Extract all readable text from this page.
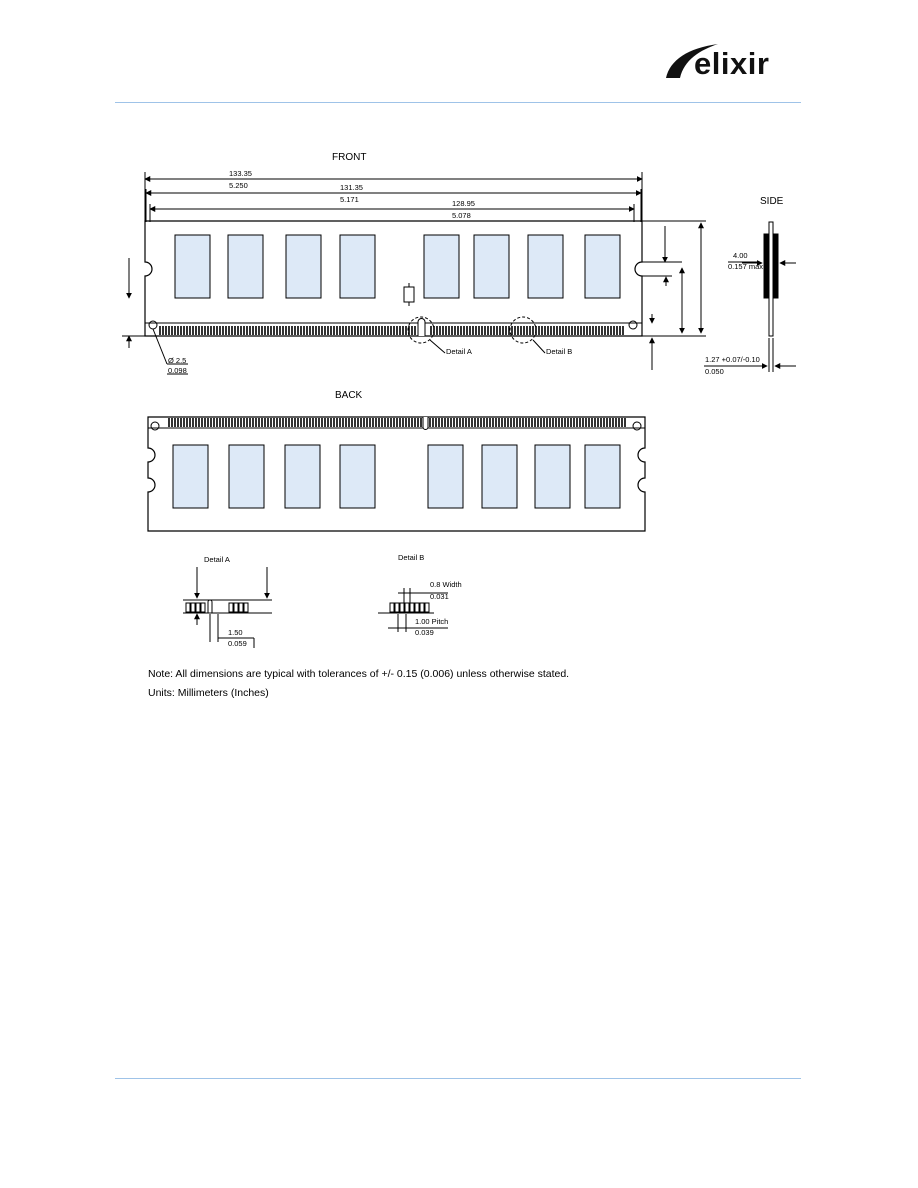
elixir
FRONT
SIDE
BACK
133.35
5.250	131.35
5.171	128.95
5.078
Ø 2.5
0.098
Detail A	Detail B
4.00
0.157 max
1.27 +0.07/-0.10
0.050
Detail A
1.50
0.059
Detail B
0.8 Width
0.031
1.00 Pitch
0.039
Note: All dimensions are typical with tolerances of +/- 0.15 (0.006) unless otherwise stated.
Units: Millimeters (Inches)
